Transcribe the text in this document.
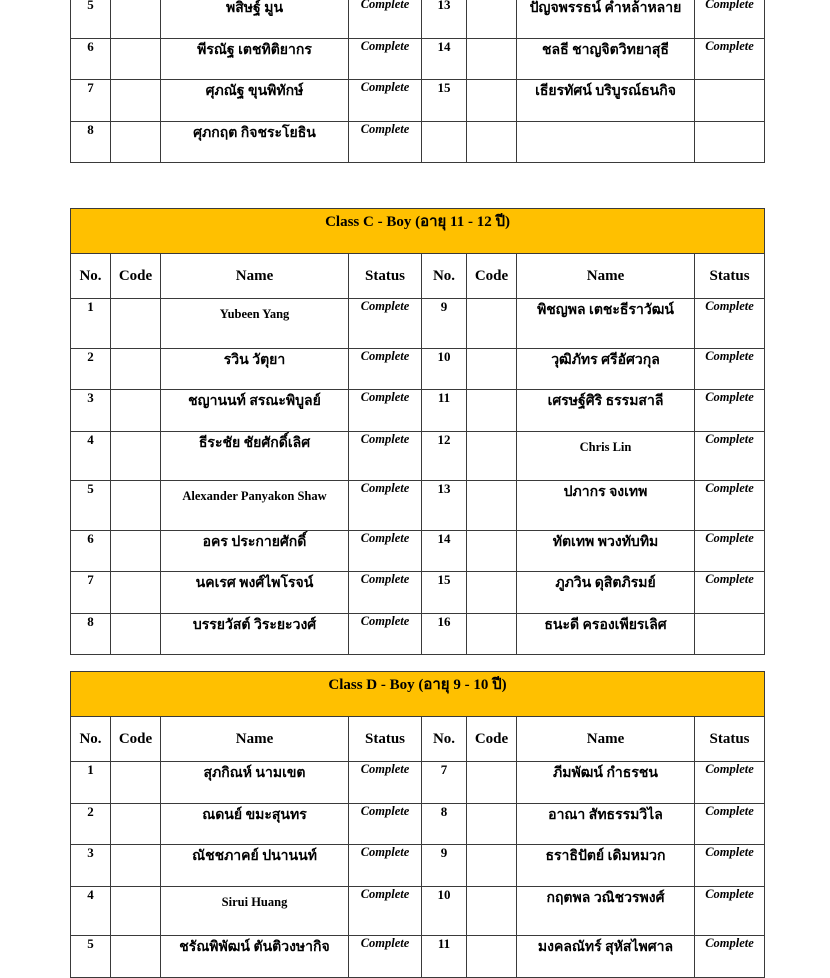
5		พสิษฐ์ มูน	Complete	13		ปัญจพรรธน์ คำหล้าหลาย	Complete
6		พีรณัฐ เตชทิติยากร	Complete	14		ชลธี ชาญจิตวิทยาสุธี	Complete
7		ศุภณัฐ ขุนพิทักษ์	Complete	15		เธียรทัศน์ บริบูรณ์ธนกิจ	
8		ศุภกฤต กิจชระโยธิน	Complete				
Class C - Boy (อายุ 11 - 12 ปี)							
No.	Code	Name	Status	No.	Code	Name	Status
1		Yubeen Yang	Complete	9		พิชญพล เตชะธีราวัฒน์	Complete
2		รวิน วัตุยา	Complete	10		วุฒิภัทร ศรีอัศวกุล	Complete
3		ชญานนท์ สรณะพิบูลย์	Complete	11		เศรษฐ์ศิริ ธรรมสาลี	Complete
4		ธีระชัย ชัยศักดิ์เลิศ	Complete	12		Chris Lin	Complete
5		Alexander Panyakon Shaw	Complete	13		ปภากร จงเทพ	Complete
6		อคร ประกายศักดิ์	Complete	14		ทัตเทพ พวงทับทิม	Complete
7		นคเรศ พงศ์ไพโรจน์	Complete	15		ภูภวิน ดุสิตภิรมย์	Complete
8		บรรยวัสต์ วิระยะวงศ์	Complete	16		ธนะดี ครองเพียรเลิศ	
Class D - Boy (อายุ 9 - 10 ปี)							
No.	Code	Name	Status	No.	Code	Name	Status
1		สุภกิณห์ นามเขต	Complete	7		ภีมพัฒน์ กำธรชน	Complete
2		ณดนย์ ขมะสุนทร	Complete	8		อาณา สัทธรรมวิไล	Complete
3		ณัชชภาคย์ ปนานนท์	Complete	9		ธราธิปัตย์ เดิมหมวก	Complete
4		Sirui Huang	Complete	10		กฤตพล วณิชวรพงศ์	Complete
5		ชรัณพิพัฒน์ ตันติวงษากิจ	Complete	11		มงคลณัทร์ สุหัสไพศาล	Complete
